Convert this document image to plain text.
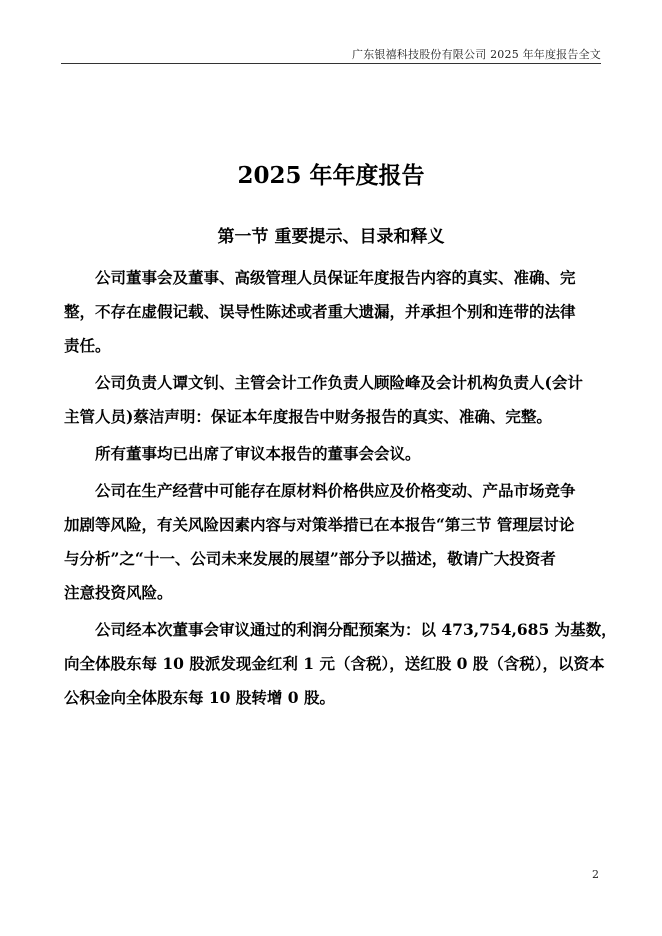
广东银禧科技股份有限公司 2025 年年度报告全文
2025 年年度报告
第一节 重要提示、目录和释义
　　公司董事会及董事、高级管理人员保证年度报告内容的真实、准确、完
整，不存在虚假记载、误导性陈述或者重大遗漏，并承担个别和连带的法律
责任。
　　公司负责人谭文钊、主管会计工作负责人顾险峰及会计机构负责人(会计
主管人员)蔡洁声明：保证本年度报告中财务报告的真实、准确、完整。
　　所有董事均已出席了审议本报告的董事会会议。
　　公司在生产经营中可能存在原材料价格供应及价格变动、产品市场竞争
加剧等风险，有关风险因素内容与对策举措已在本报告“第三节 管理层讨论
与分析”之“十一、公司未来发展的展望”部分予以描述，敬请广大投资者
注意投资风险。
　　公司经本次董事会审议通过的利润分配预案为：以 473,754,685 为基数，
向全体股东每 10 股派发现金红利 1 元（含税），送红股 0 股（含税），以资本
公积金向全体股东每 10 股转增 0 股。
2
